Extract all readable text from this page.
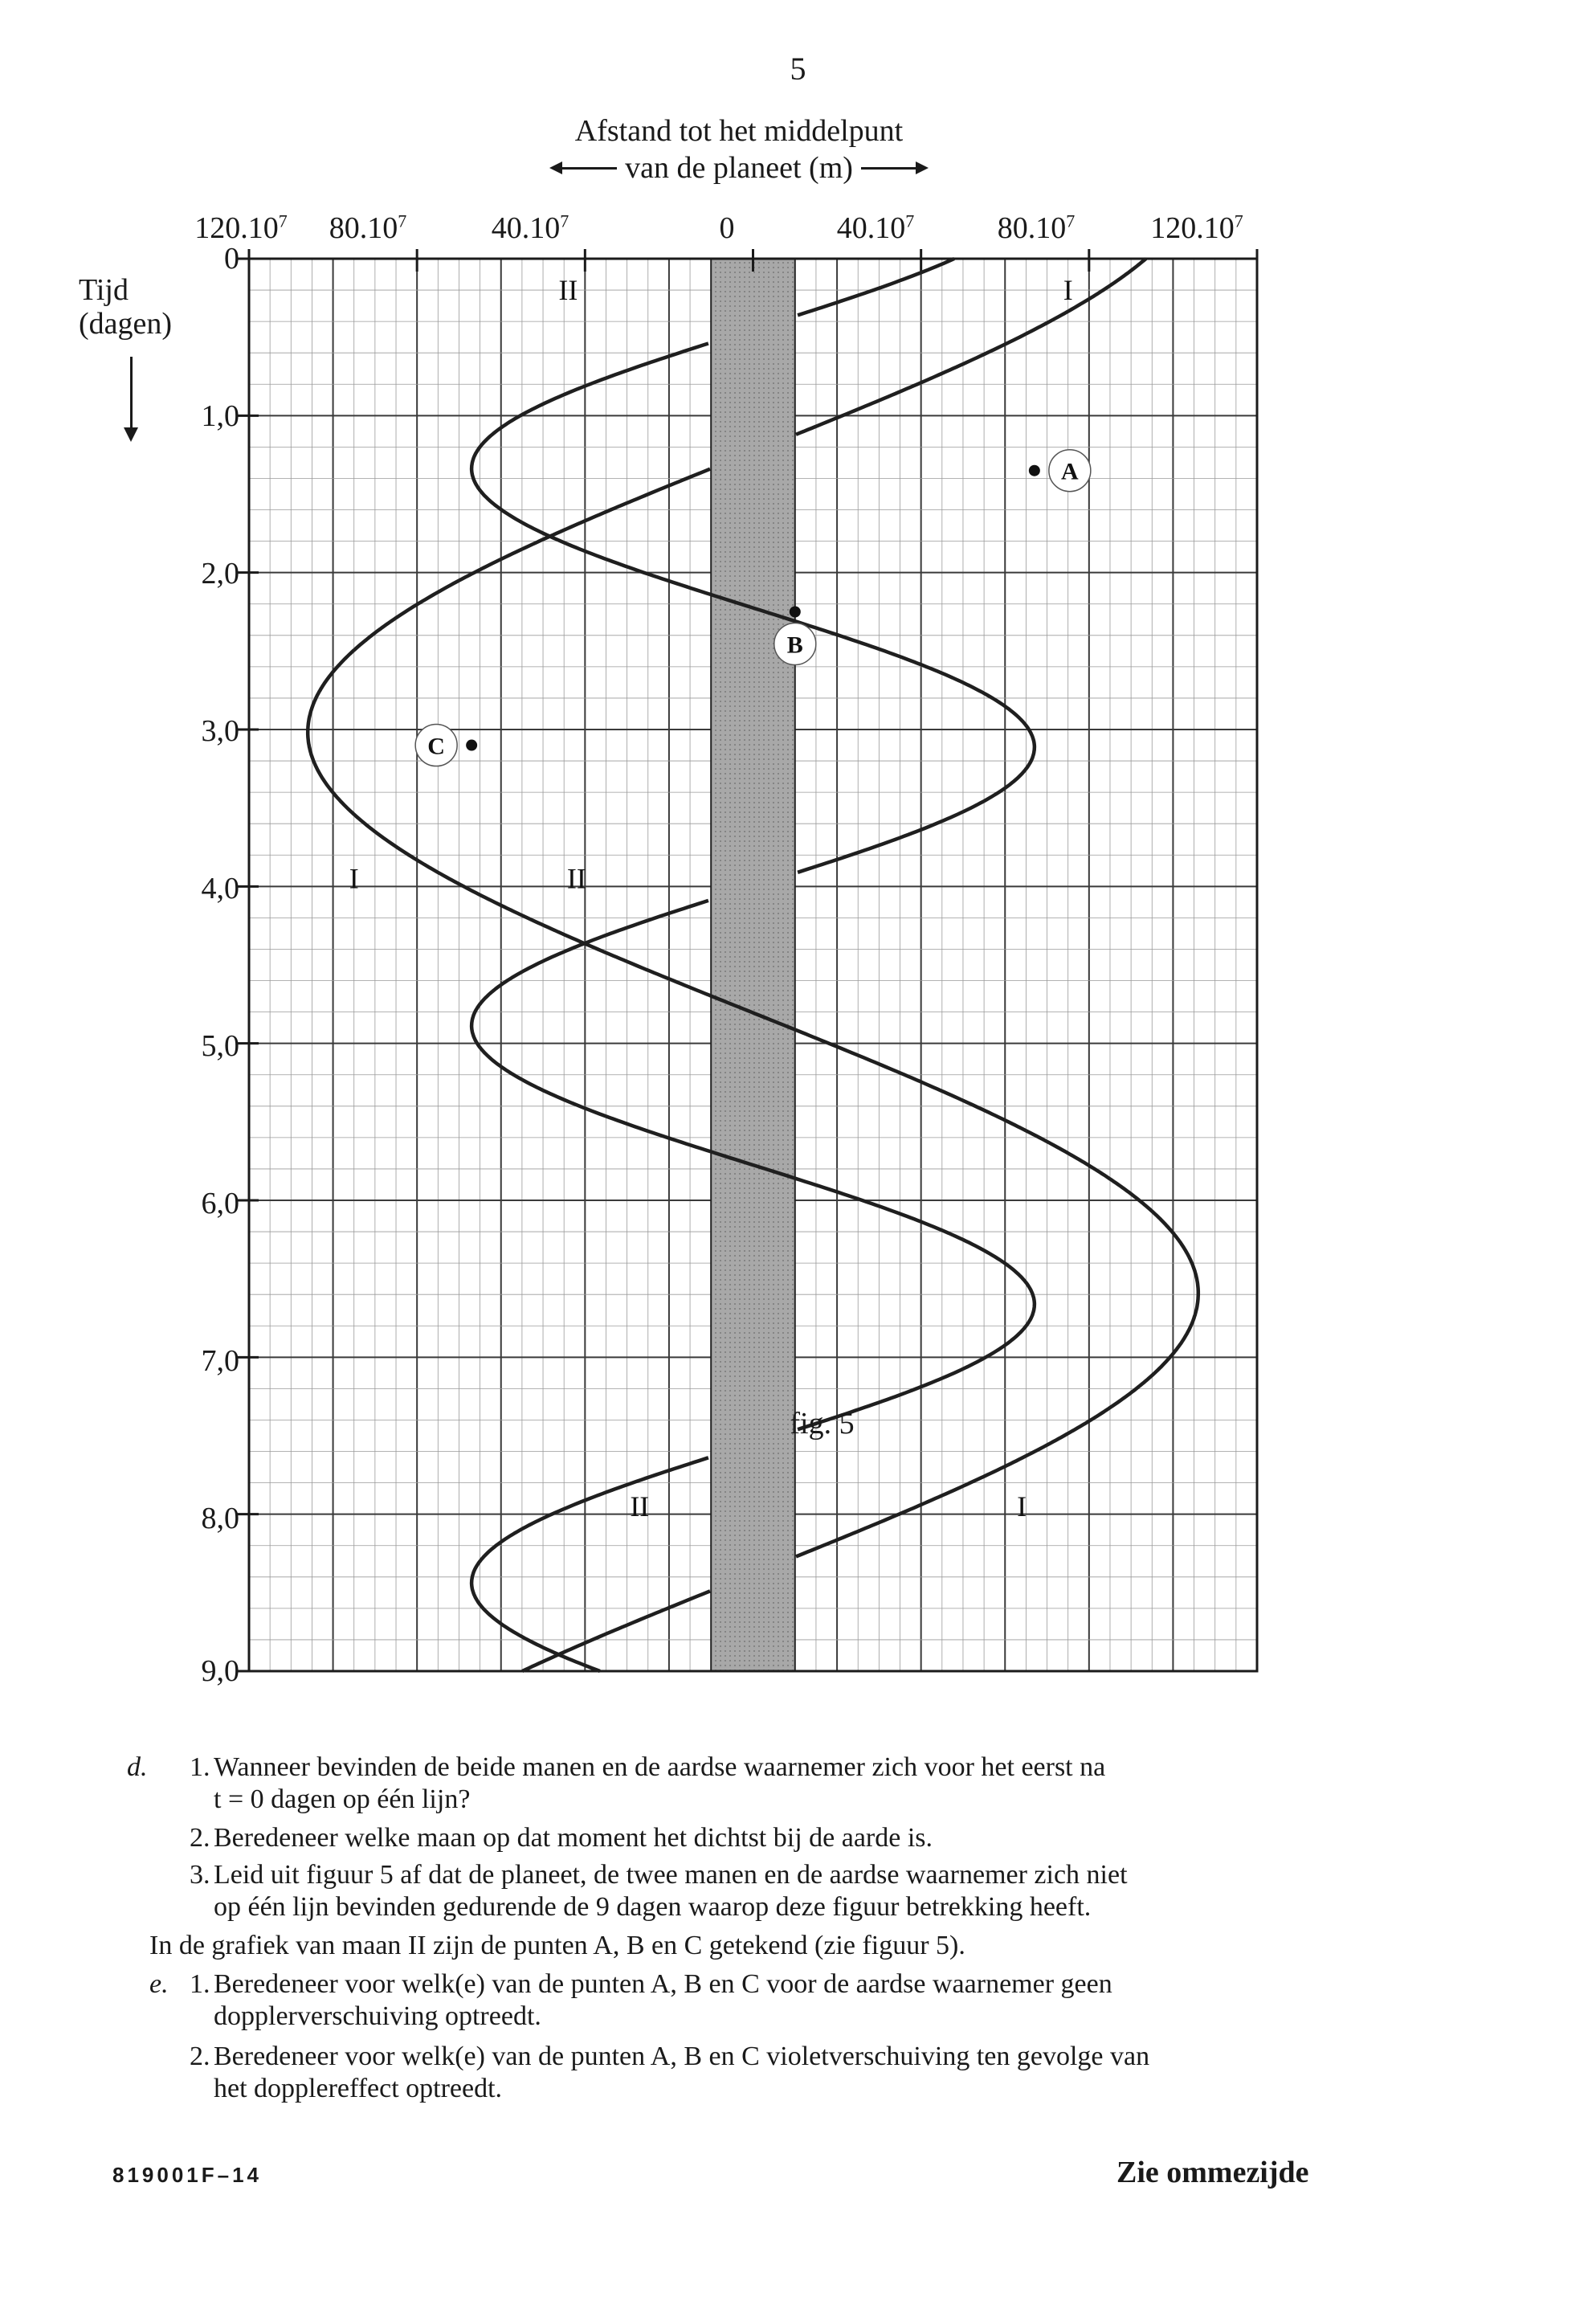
5
Afstand tot het middelpunt
van de planeet (m)
Tijd
(dagen)
120.10$^7$ 80.10$^7$	40.10$^7$	0	40.10$^7$	80.10$^7$ 120.10$^7$
0
1,0
2,0
3,0
4,0
5,0
6,0
7,0
8,0
9,0
A
B
C
II	I
I	II
II	I
fig. 5
d. 1. Wanneer bevinden de beide manen en de aardse waarnemer zich voor het eerst na
t = 0 dagen op één lijn?
2. Beredeneer welke maan op dat moment het dichtst bij de aarde is.
3. Leid uit figuur 5 af dat de planeet, de twee manen en de aardse waarnemer zich niet
op één lijn bevinden gedurende de 9 dagen waarop deze figuur betrekking heeft.
In de grafiek van maan II zijn de punten A, B en C getekend (zie figuur 5).
e. 1. Beredeneer voor welk(e) van de punten A, B en C voor de aardse waarnemer geen
dopplerverschuiving optreedt.
2. Beredeneer voor welk(e) van de punten A, B en C violetverschuiving ten gevolge van
het dopplereffect optreedt.
819001F–14	Zie ommezijde
